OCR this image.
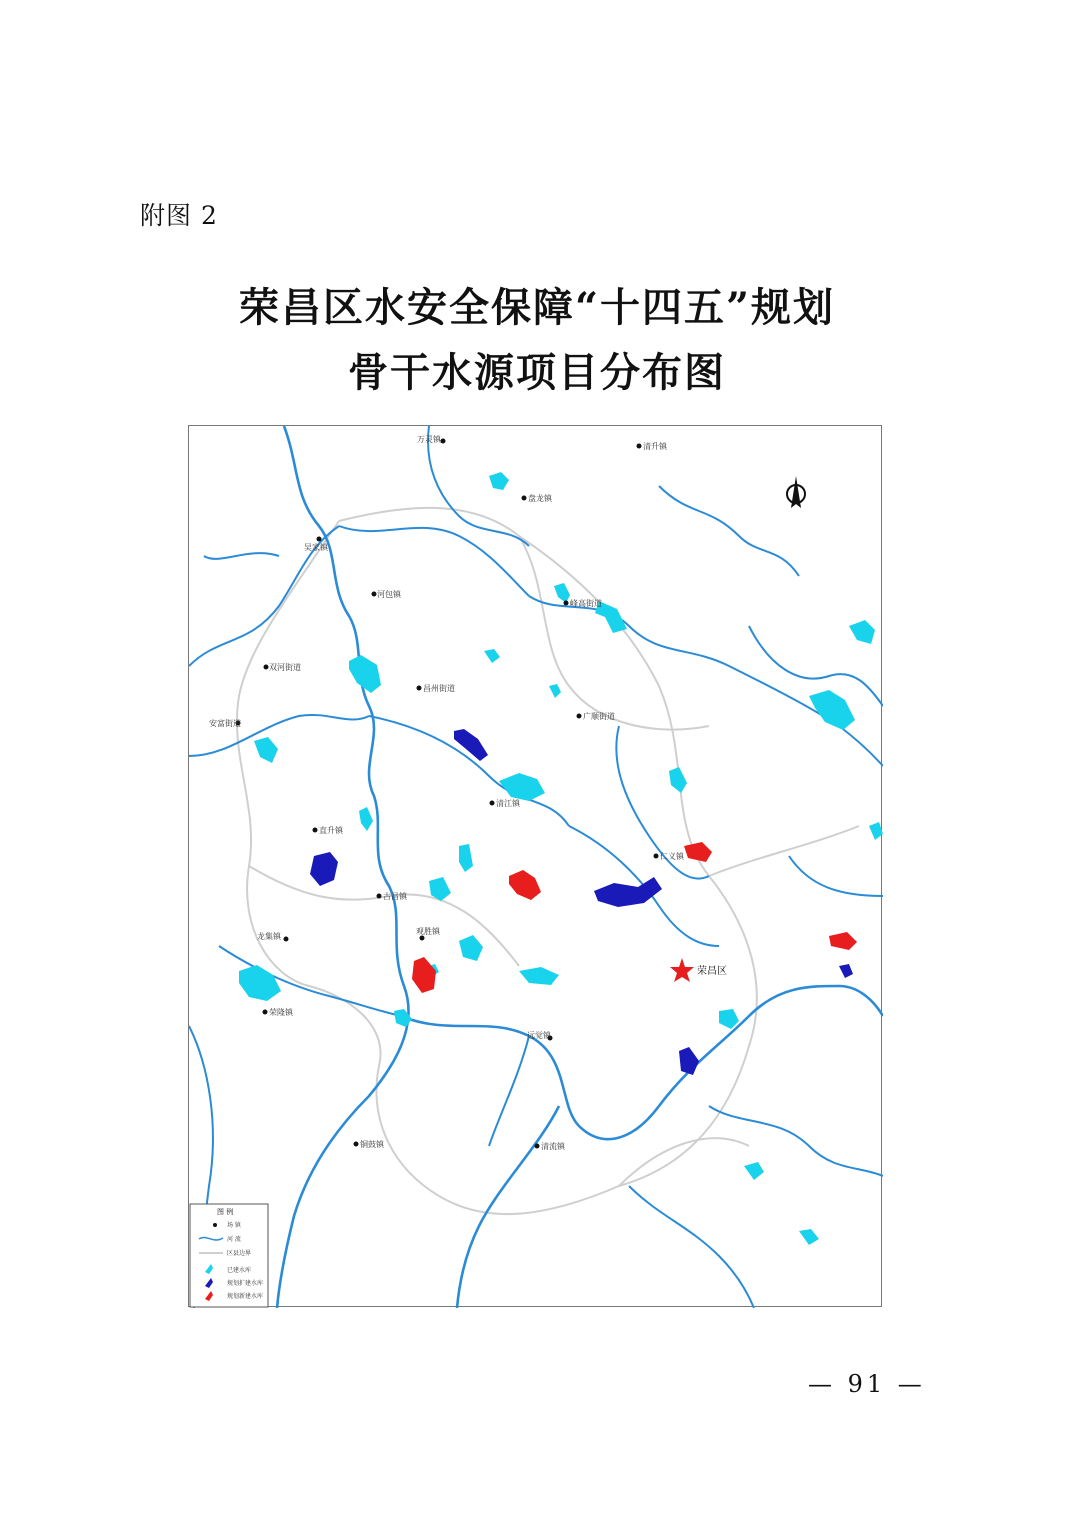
附图 2
荣昌区水安全保障“十四五”规划
骨干水源项目分布图
万灵镇
清升镇
盘龙镇
吴家镇
河包镇
峰高街道
双河街道
昌州街道
广顺街道
安富街道
清江镇
直升镇
仁义镇
古昌镇
龙集镇
观胜镇
荣隆镇
远觉镇
铜鼓镇	清流镇
荣昌区
图 例
场 镇
河 流
区县边界
已建水库
规划扩建水库
规划新建水库
— 91 —
